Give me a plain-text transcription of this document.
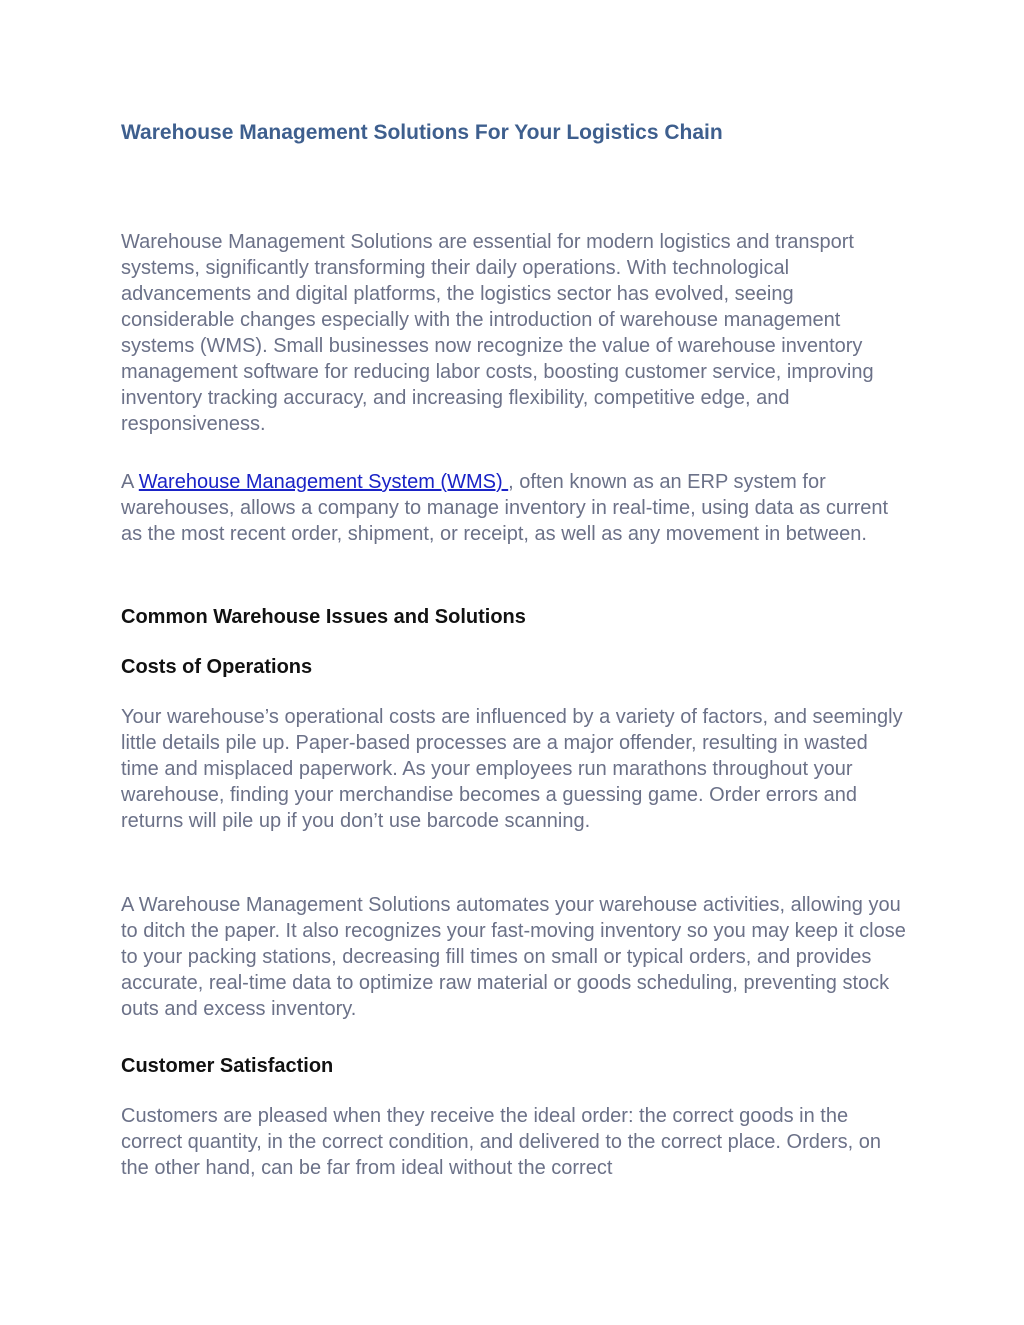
Warehouse Management Solutions For Your Logistics Chain

Warehouse Management Solutions are essential for modern logistics and transport systems, significantly transforming their daily operations. With technological advancements and digital platforms, the logistics sector has evolved, seeing considerable changes especially with the introduction of warehouse management systems (WMS). Small businesses now recognize the value of warehouse inventory management software for reducing labor costs, boosting customer service, improving inventory tracking accuracy, and increasing flexibility, competitive edge, and responsiveness.

A Warehouse Management System (WMS) , often known as an ERP system for warehouses, allows a company to manage inventory in real-time, using data as current as the most recent order, shipment, or receipt, as well as any movement in between.

Common Warehouse Issues and Solutions
Costs of Operations

Your warehouse’s operational costs are influenced by a variety of factors, and seemingly little details pile up. Paper-based processes are a major offender, resulting in wasted time and misplaced paperwork. As your employees run marathons throughout your warehouse, finding your merchandise becomes a guessing game. Order errors and returns will pile up if you don’t use barcode scanning.

A Warehouse Management Solutions automates your warehouse activities, allowing you to ditch the paper. It also recognizes your fast-moving inventory so you may keep it close to your packing stations, decreasing fill times on small or typical orders, and provides accurate, real-time data to optimize raw material or goods scheduling, preventing stock outs and excess inventory.

Customer Satisfaction

Customers are pleased when they receive the ideal order: the correct goods in the correct quantity, in the correct condition, and delivered to the correct place. Orders, on the other hand, can be far from ideal without the correct
